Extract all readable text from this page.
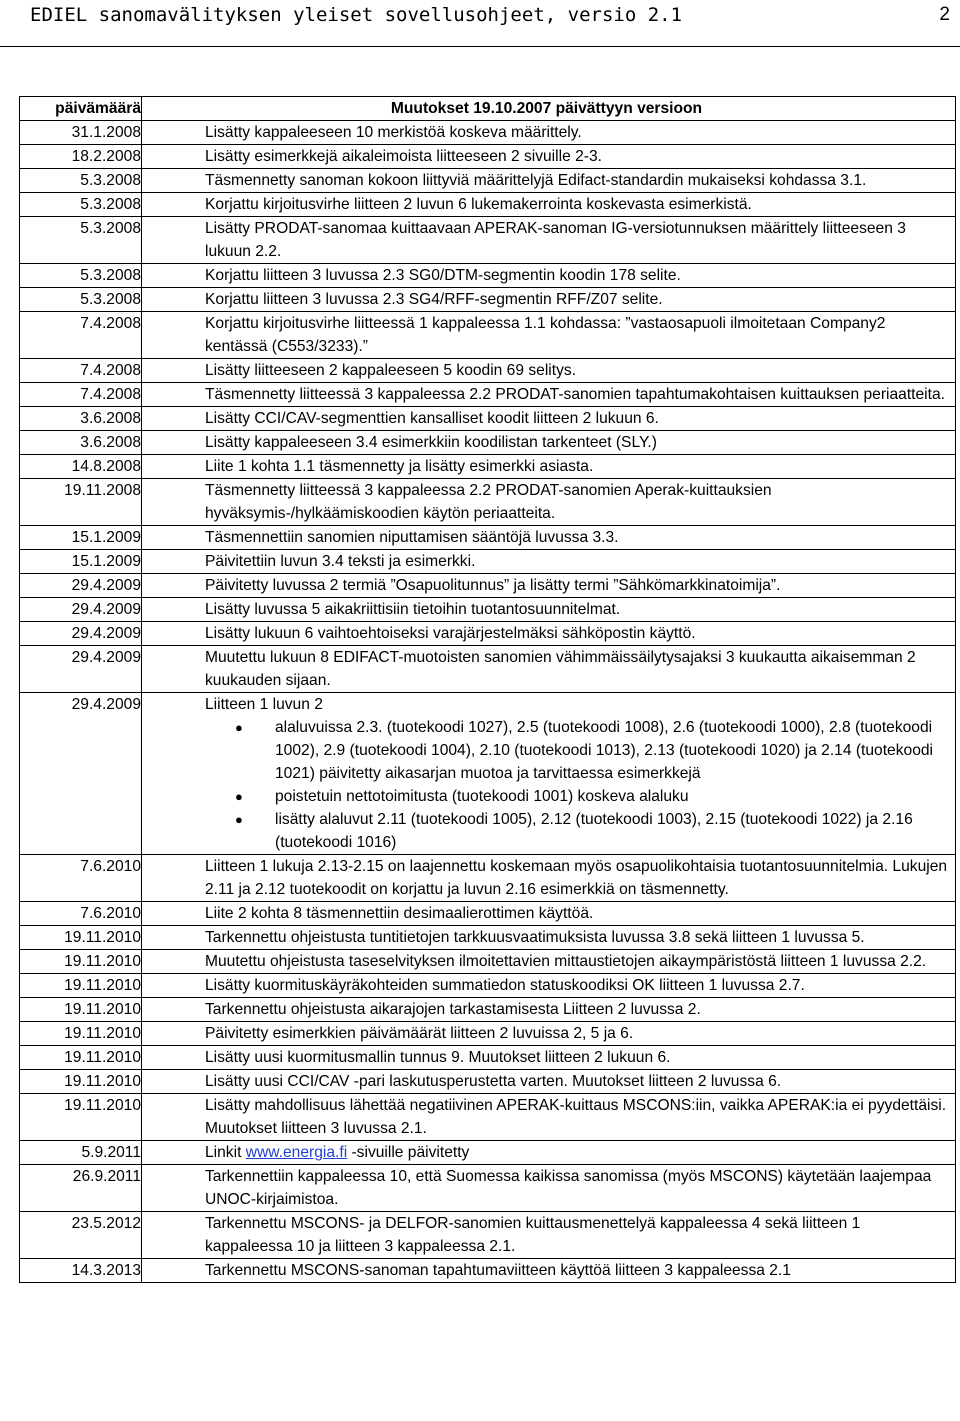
EDIEL sanomavälityksen yleiset sovellusohjeet, versio 2.1	2
päivämäärä	Muutokset 19.10.2007 päivättyyn versioon
31.1.2008	Lisätty kappaleeseen 10 merkistöä koskeva määrittely.
18.2.2008	Lisätty esimerkkejä aikaleimoista liitteeseen 2 sivuille 2-3.
5.3.2008	Täsmennetty sanoman kokoon liittyviä määrittelyjä Edifact-standardin mukaiseksi kohdassa 3.1.
5.3.2008	Korjattu kirjoitusvirhe liitteen 2 luvun 6 lukemakerrointa koskevasta esimerkistä.
5.3.2008	Lisätty PRODAT-sanomaa kuittaavaan APERAK-sanoman IG-versiotunnuksen määrittely liitteeseen 3 lukuun 2.2.
5.3.2008	Korjattu liitteen 3 luvussa 2.3 SG0/DTM-segmentin koodin 178 selite.
5.3.2008	Korjattu liitteen 3 luvussa 2.3 SG4/RFF-segmentin RFF/Z07 selite.
7.4.2008	Korjattu kirjoitusvirhe liitteessä 1 kappaleessa 1.1 kohdassa: ”vastaosapuoli ilmoitetaan Company2 kentässä (C553/3233).”
7.4.2008	Lisätty liitteeseen 2 kappaleeseen 5 koodin 69 selitys.
7.4.2008	Täsmennetty liitteessä 3 kappaleessa 2.2 PRODAT-sanomien tapahtumakohtaisen kuittauksen periaatteita.
3.6.2008	Lisätty CCI/CAV-segmenttien kansalliset koodit liitteen 2 lukuun 6.
3.6.2008	Lisätty kappaleeseen 3.4 esimerkkiin koodilistan tarkenteet (SLY.)
14.8.2008	Liite 1 kohta 1.1 täsmennetty ja lisätty esimerkki asiasta.
19.11.2008	Täsmennetty liitteessä 3 kappaleessa 2.2 PRODAT-sanomien Aperak-kuittauksien hyväksymis-/hylkäämiskoodien käytön periaatteita.
15.1.2009	Täsmennettiin sanomien niputtamisen sääntöjä luvussa 3.3.
15.1.2009	Päivitettiin luvun 3.4 teksti ja esimerkki.
29.4.2009	Päivitetty luvussa 2 termiä ”Osapuolitunnus” ja lisätty termi ”Sähkömarkkinatoimija”.
29.4.2009	Lisätty luvussa 5 aikakriittisiin tietoihin tuotantosuunnitelmat.
29.4.2009	Lisätty lukuun 6 vaihtoehtoiseksi varajärjestelmäksi sähköpostin käyttö.
29.4.2009	Muutettu lukuun 8 EDIFACT-muotoisten sanomien vähimmäissäilytysajaksi 3 kuukautta aikaisemman 2 kuukauden sijaan.
29.4.2009	Liitteen 1 luvun 2
● alaluvuissa 2.3. (tuotekoodi 1027), 2.5 (tuotekoodi 1008), 2.6 (tuotekoodi 1000), 2.8 (tuotekoodi 1002), 2.9 (tuotekoodi 1004), 2.10 (tuotekoodi 1013), 2.13 (tuotekoodi 1020) ja 2.14 (tuotekoodi 1021) päivitetty aikasarjan muotoa ja tarvittaessa esimerkkejä
● poistetuin nettotoimitusta (tuotekoodi 1001) koskeva alaluku
● lisätty alaluvut 2.11 (tuotekoodi 1005), 2.12 (tuotekoodi 1003), 2.15 (tuotekoodi 1022) ja 2.16 (tuotekoodi 1016)
7.6.2010	Liitteen 1 lukuja 2.13-2.15 on laajennettu koskemaan myös osapuolikohtaisia tuotantosuunnitelmia. Lukujen 2.11 ja 2.12 tuotekoodit on korjattu ja luvun 2.16 esimerkkiä on täsmennetty.
7.6.2010	Liite 2 kohta 8 täsmennettiin desimaalierottimen käyttöä.
19.11.2010	Tarkennettu ohjeistusta tuntitietojen tarkkuusvaatimuksista luvussa 3.8 sekä liitteen 1 luvussa 5.
19.11.2010	Muutettu ohjeistusta taseselvityksen ilmoitettavien mittaustietojen aikaympäristöstä liitteen 1 luvussa 2.2.
19.11.2010	Lisätty kuormituskäyräkohteiden summatiedon statuskoodiksi OK liitteen 1 luvussa 2.7.
19.11.2010	Tarkennettu ohjeistusta aikarajojen tarkastamisesta Liitteen 2 luvussa 2.
19.11.2010	Päivitetty esimerkkien päivämäärät liitteen 2 luvuissa 2, 5 ja 6.
19.11.2010	Lisätty uusi kuormitusmallin tunnus 9. Muutokset liitteen 2 lukuun 6.
19.11.2010	Lisätty uusi CCI/CAV -pari laskutusperustetta varten. Muutokset liitteen 2 luvussa 6.
19.11.2010	Lisätty mahdollisuus lähettää negatiivinen APERAK-kuittaus MSCONS:iin, vaikka APERAK:ia ei pyydettäisi. Muutokset liitteen 3 luvussa 2.1.
5.9.2011	Linkit www.energia.fi -sivuille päivitetty
26.9.2011	Tarkennettiin kappaleessa 10, että Suomessa kaikissa sanomissa (myös MSCONS) käytetään laajempaa UNOC-kirjaimistoa.
23.5.2012	Tarkennettu MSCONS- ja DELFOR-sanomien kuittausmenettelyä kappaleessa 4 sekä liitteen 1 kappaleessa 10 ja liitteen 3 kappaleessa 2.1.
14.3.2013	Tarkennettu MSCONS-sanoman tapahtumaviitteen käyttöä liitteen 3 kappaleessa 2.1
